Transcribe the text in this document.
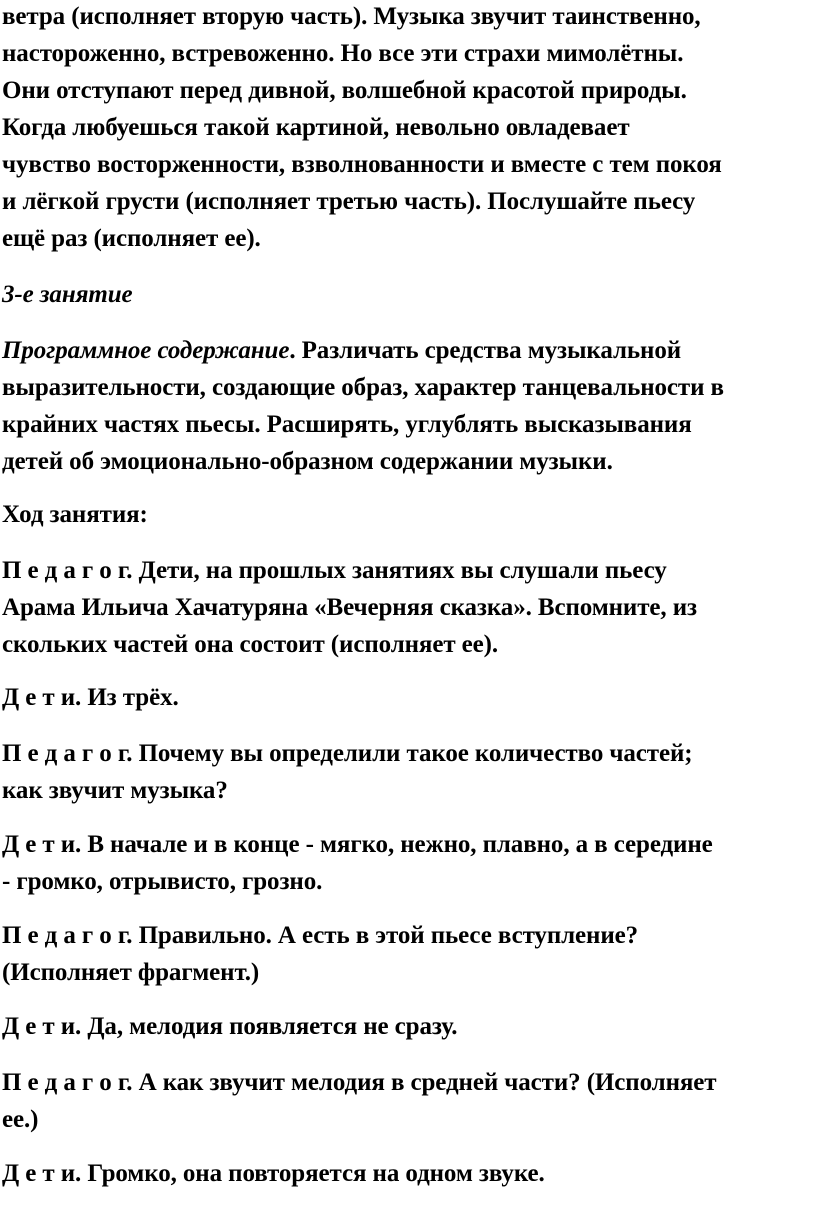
ветра (исполняет вторую часть). Музыка звучит таинственно,
настороженно, встревоженно. Но все эти страхи мимолётны.
Они отступают перед дивной, волшебной красотой природы.
Когда любуешься такой картиной, невольно овладевает
чувство восторженности, взволнованности и вместе с тем покоя
и лёгкой грусти (исполняет третью часть). Послушайте пьесу
ещё раз (исполняет ее).

3-е занятие

Программное содержание. Различать средства музыкальной
выразительности, создающие образ, характер танцевальности в
крайних частях пьесы. Расширять, углублять высказывания
детей об эмоционально-образном содержании музыки.

Ход занятия:

П е д а г о г. Дети, на прошлых занятиях вы слушали пьесу
Арама Ильича Хачатуряна «Вечерняя сказка». Вспомните, из
скольких частей она состоит (исполняет ее).

Д е т и. Из трёх.

П е д а г о г. Почему вы определили такое количество частей;
как звучит музыка?

Д е т и. В начале и в конце - мягко, нежно, плавно, а в середине
- громко, отрывисто, грозно.

П е д а г о г. Правильно. А есть в этой пьесе вступление?
(Исполняет фрагмент.)

Д е т и. Да, мелодия появляется не сразу.

П е д а г о г. А как звучит мелодия в средней части? (Исполняет
ее.)

Д е т и. Громко, она повторяется на одном звуке.
